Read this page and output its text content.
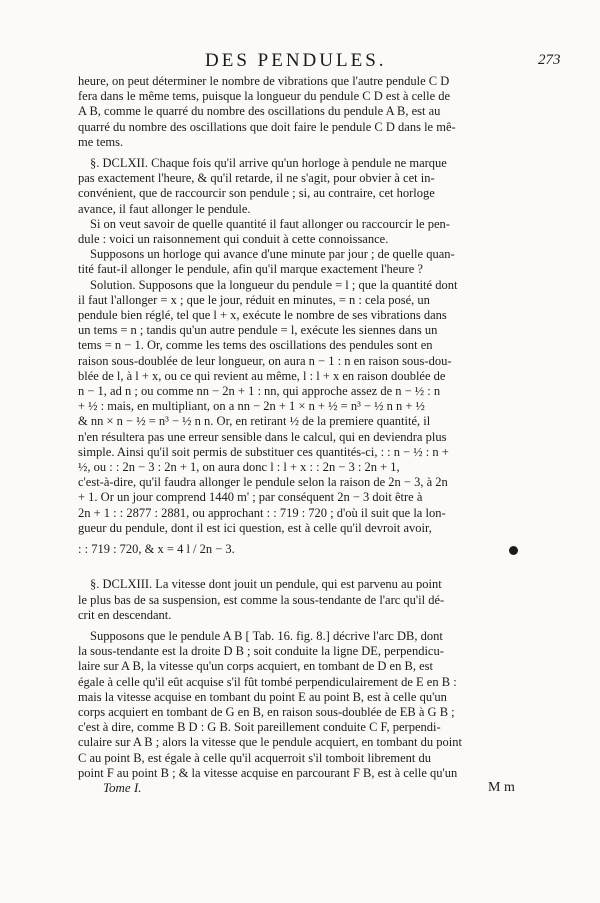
DES PENDULES.	273

heure, on peut déterminer le nombre de vibrations que l'autre pendule C D
fera dans le même tems, puisque la longueur du pendule C D est à celle de
A B, comme le quarré du nombre des oscillations du pendule A B, est au
quarré du nombre des oscillations que doit faire le pendule C D dans le mê-
me tems.

§. DCLXII. Chaque fois qu'il arrive qu'un horloge à pendule ne marque
pas exactement l'heure, & qu'il retarde, il ne s'agit, pour obvier à cet in-
convénient, que de raccourcir son pendule ; si, au contraire, cet horloge
avance, il faut allonger le pendule.

Si on veut savoir de quelle quantité il faut allonger ou raccourcir le pen-
dule : voici un raisonnement qui conduit à cette connoissance.

Supposons un horloge qui avance d'une minute par jour ; de quelle quan-
tité faut-il allonger le pendule, afin qu'il marque exactement l'heure ?

Solution. Supposons que la longueur du pendule = l ; que la quantité dont
il faut l'allonger = x ; que le jour, réduit en minutes, = n : cela posé, un
pendule bien réglé, tel que l + x, exécute le nombre de ses vibrations dans
un tems = n ; tandis qu'un autre pendule = l, exécute les siennes dans un
tems = n − 1. Or, comme les tems des oscillations des pendules sont en
raison sous-doublée de leur longueur, on aura n − 1 : n en raison sous-dou-
blée de l, à l + x, ou ce qui revient au même, l : l + x en raison doublée de
n − 1, ad n ; ou comme nn − 2n + 1 : nn, qui approche assez de n − ½ : n
+ ½ : mais, en multipliant, on a nn − 2n + 1 × n + ½ = n³ − ½ n n + ½
& nn × n − ½ = n³ − ½ n n. Or, en retirant ½ de la premiere quantité, il
n'en résultera pas une erreur sensible dans le calcul, qui en deviendra plus
simple. Ainsi qu'il soit permis de substituer ces quantités-ci, : : n − ½ : n +
½, ou : : 2n − 3 : 2n + 1, on aura donc l : l + x : : 2n − 3 : 2n + 1,
c'est-à-dire, qu'il faudra allonger le pendule selon la raison de 2n − 3, à 2n
+ 1. Or un jour comprend 1440 m' ; par conséquent 2n − 3 doit être à
2n + 1 : : 2877 : 2881, ou approchant : : 719 : 720 ; d'où il suit que la lon-
gueur du pendule, dont il est ici question, est à celle qu'il devroit avoir,

: : 719 : 720, & x = 4 l / 2n − 3.

§. DCLXIII. La vitesse dont jouit un pendule, qui est parvenu au point
le plus bas de sa suspension, est comme la sous-tendante de l'arc qu'il dé-
crit en descendant.

Supposons que le pendule A B [ Tab. 16. fig. 8.] décrive l'arc DB, dont
la sous-tendante est la droite D B ; soit conduite la ligne DE, perpendicu-
laire sur A B, la vitesse qu'un corps acquiert, en tombant de D en B, est
égale à celle qu'il eût acquise s'il fût tombé perpendiculairement de E en B :
mais la vitesse acquise en tombant du point E au point B, est à celle qu'un
corps acquiert en tombant de G en B, en raison sous-doublée de EB à G B ;
c'est à dire, comme B D : G B. Soit pareillement conduite C F, perpendi-
culaire sur A B ; alors la vitesse que le pendule acquiert, en tombant du point
C au point B, est égale à celle qu'il acquerroit s'il tomboit librement du
point F au point B ; & la vitesse acquise en parcourant F B, est à celle qu'un

Tome I.	M m
